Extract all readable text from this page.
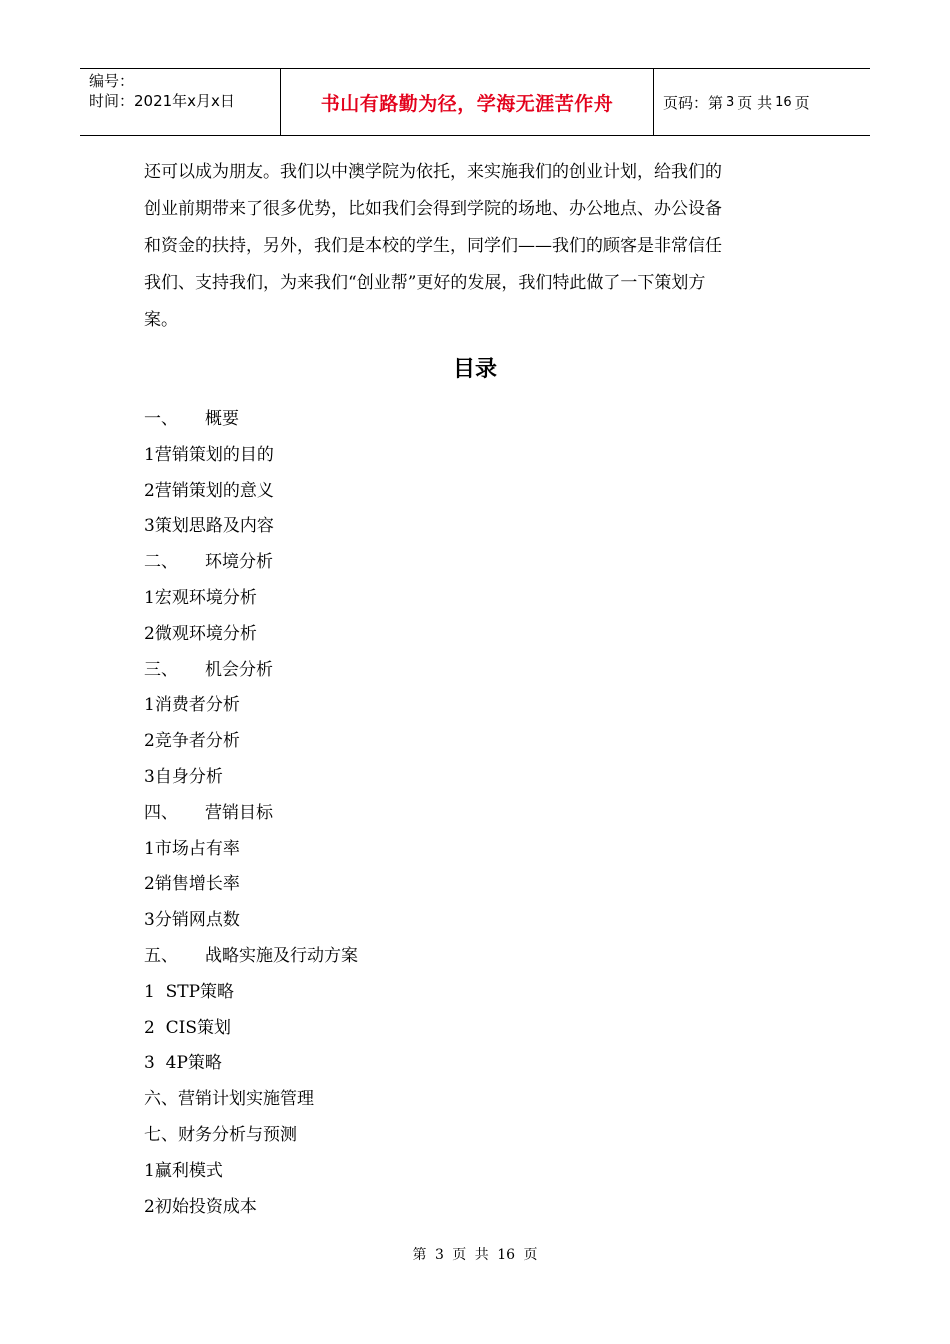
编号：
时间：2021年x月x日	书山有路勤为径，学海无涯苦作舟	页码：第 3 页 共 16 页

还可以成为朋友。我们以中澳学院为依托，来实施我们的创业计划，给我们的

创业前期带来了很多优势，比如我们会得到学院的场地、办公地点、办公设备

和资金的扶持，另外，我们是本校的学生，同学们——我们的顾客是非常信任

我们、支持我们，为来我们“创业帮”更好的发展，我们特此做了一下策划方

案。

目录
一、     概要
1营销策划的目的
2营销策划的意义
3策划思路及内容
二、     环境分析
1宏观环境分析
2微观环境分析
三、     机会分析
1消费者分析
2竞争者分析
3自身分析
四、     营销目标
1市场占有率
2销售增长率
3分销网点数
五、     战略实施及行动方案
1  STP策略
2  CIS策划
3  4P策略
六、营销计划实施管理
七、财务分析与预测
1赢利模式
2初始投资成本
第 3 页 共 16 页
